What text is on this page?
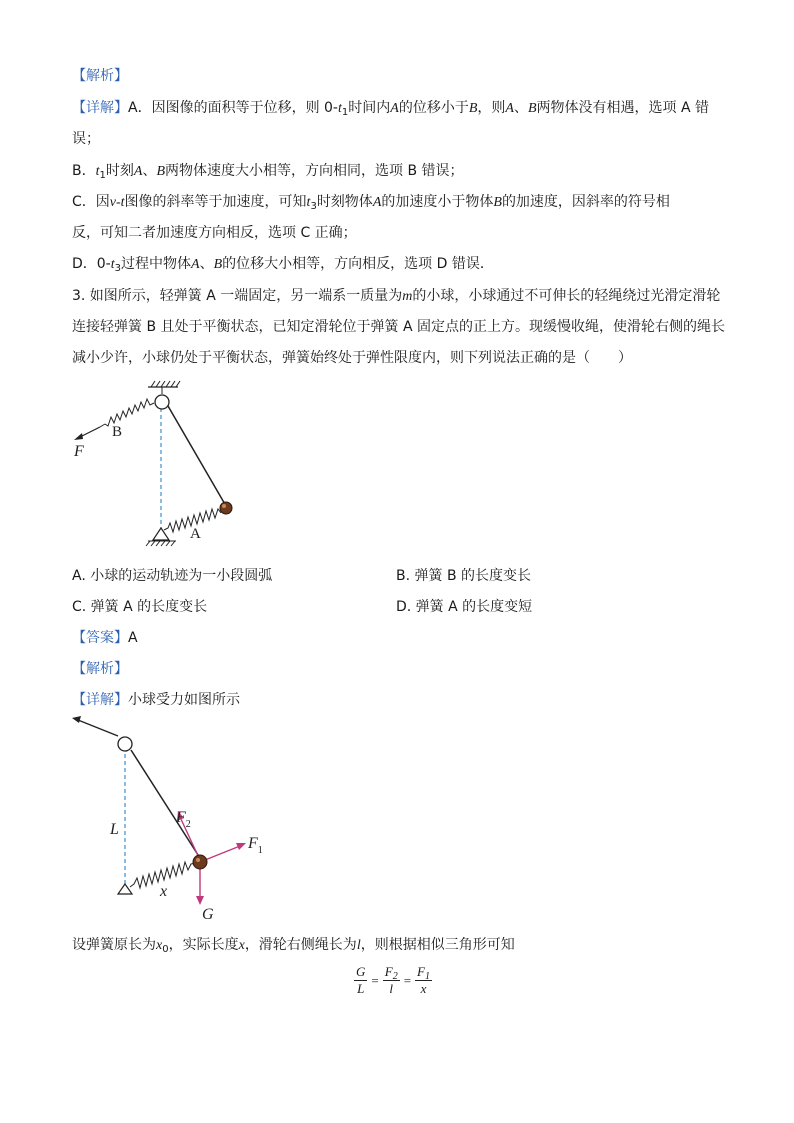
【解析】
【详解】A．因图像的面积等于位移，则 $0-t_1$时间内A的位移小于B，则A、B两物体没有相遇，选项 A 错
误；
B．$t_1$时刻A、B两物体速度大小相等，方向相同，选项 B 错误；
C．因v-t图像的斜率等于加速度，可知$t_3$时刻物体A的加速度小于物体B的加速度，因斜率的符号相
反，可知二者加速度方向相反，选项 C 正确；
D．$0-t_3$过程中物体A、B的位移大小相等，方向相反，选项 D 错误．
3. 如图所示，轻弹簧 A 一端固定，另一端系一质量为m的小球，小球通过不可伸长的轻绳绕过光滑定滑轮
连接轻弹簧 B 且处于平衡状态，已知定滑轮位于弹簧 A 固定点的正上方。现缓慢收绳，使滑轮右侧的绳长
减小少许，小球仍处于平衡状态，弹簧始终处于弹性限度内，则下列说法正确的是（　　）
B
F
A
A. 小球的运动轨迹为一小段圆弧	B. 弹簧 B 的长度变长
C. 弹簧 A 的长度变长	D. 弹簧 A 的长度变短
【答案】A
【解析】
【详解】小球受力如图所示
L
$F_2$
$F_1$
x
G
设弹簧原长为$x_0$，实际长度x，滑轮右侧绳长为l，则根据相似三角形可知
$\frac{G}{L} = \frac{F_2}{l} = \frac{F_1}{x}$
